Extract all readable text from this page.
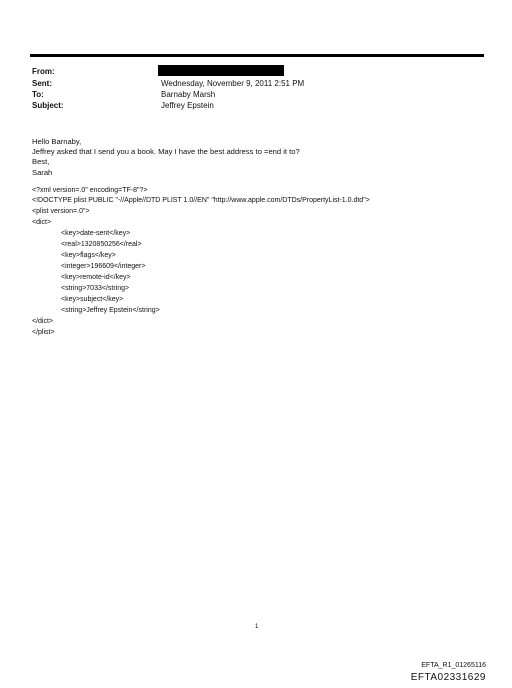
From:
Sent:	Wednesday, November 9, 2011 2:51 PM
To:	Barnaby Marsh
Subject:	Jeffrey Epstein
Hello Barnaby,
Jeffrey asked that I send you a book. May I have the best address to =end it to?
Best,
Sarah
<?xml version=.0" encoding=TF-8"?>
<!DOCTYPE plist PUBLIC "-//Apple//DTD PLIST 1.0//EN" "http://www.apple.com/DTDs/PropertyList-1.0.dtd">
<plist version=.0">
<dict>
<key>date-sent</key>
<real>1320850256</real>
<key>flags</key>
<integer>196609</integer>
<key>remote-id</key>
<string>7033</string>
<key>subject</key>
<string>Jeffrey Epstein</string>
</dict>
</plist>
1
EFTA_R1_01265116
EFTA02331629
